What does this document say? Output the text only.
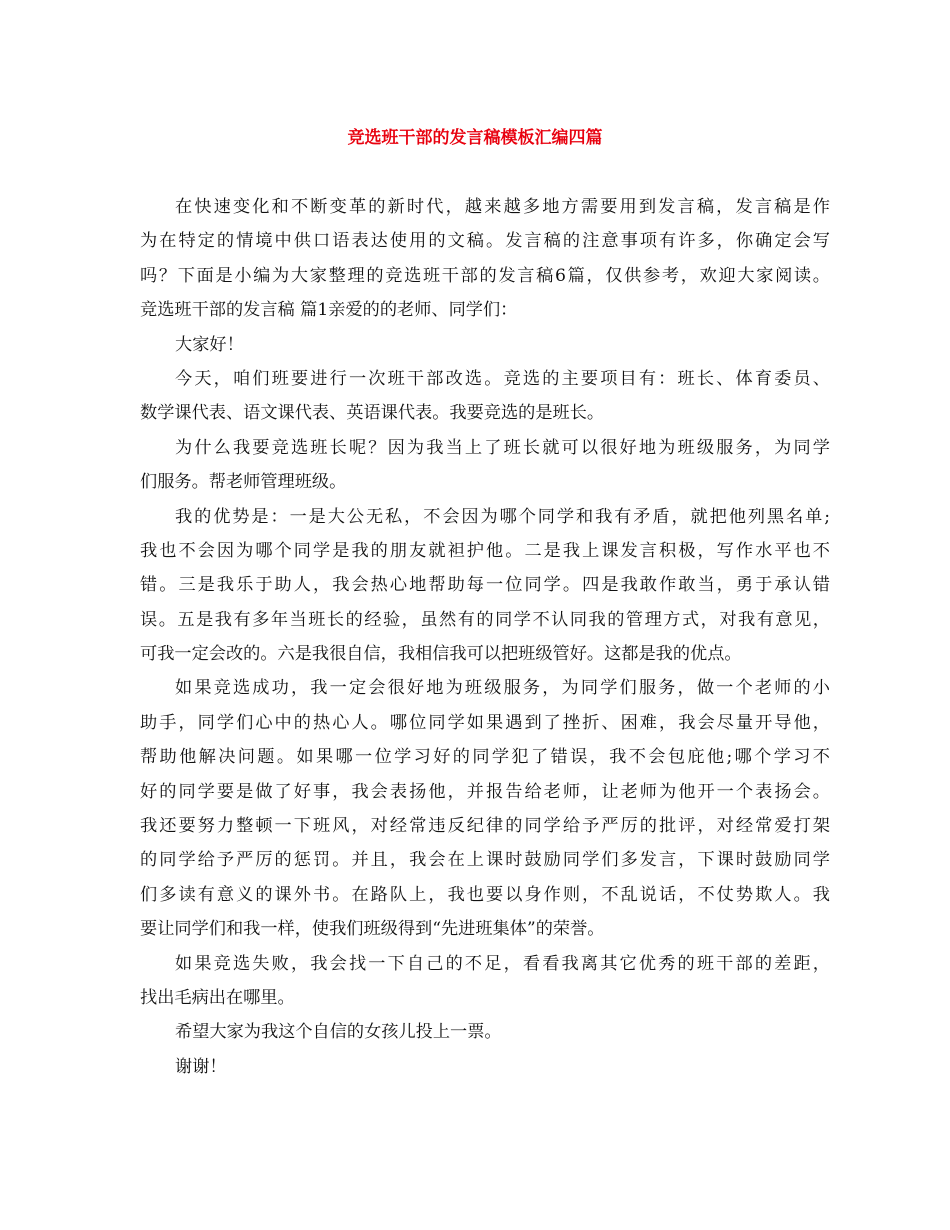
竞选班干部的发言稿模板汇编四篇
在快速变化和不断变革的新时代，越来越多地方需要用到发言稿，发言稿是作
为在特定的情境中供口语表达使用的文稿。发言稿的注意事项有许多，你确定会写
吗？下面是小编为大家整理的竞选班干部的发言稿6篇，仅供参考，欢迎大家阅读。
竞选班干部的发言稿 篇1亲爱的的老师、同学们：
大家好！
今天，咱们班要进行一次班干部改选。竞选的主要项目有：班长、体育委员、
数学课代表、语文课代表、英语课代表。我要竞选的是班长。
为什么我要竞选班长呢？因为我当上了班长就可以很好地为班级服务，为同学
们服务。帮老师管理班级。
我的优势是：一是大公无私，不会因为哪个同学和我有矛盾，就把他列黑名单;
我也不会因为哪个同学是我的朋友就袒护他。二是我上课发言积极，写作水平也不
错。三是我乐于助人，我会热心地帮助每一位同学。四是我敢作敢当，勇于承认错
误。五是我有多年当班长的经验，虽然有的同学不认同我的管理方式，对我有意见，
可我一定会改的。六是我很自信，我相信我可以把班级管好。这都是我的优点。
如果竞选成功，我一定会很好地为班级服务，为同学们服务，做一个老师的小
助手，同学们心中的热心人。哪位同学如果遇到了挫折、困难，我会尽量开导他，
帮助他解决问题。如果哪一位学习好的同学犯了错误，我不会包庇他;哪个学习不
好的同学要是做了好事，我会表扬他，并报告给老师，让老师为他开一个表扬会。
我还要努力整顿一下班风，对经常违反纪律的同学给予严厉的批评，对经常爱打架
的同学给予严厉的惩罚。并且，我会在上课时鼓励同学们多发言，下课时鼓励同学
们多读有意义的课外书。在路队上，我也要以身作则，不乱说话，不仗势欺人。我
要让同学们和我一样，使我们班级得到“先进班集体”的荣誉。
如果竞选失败，我会找一下自己的不足，看看我离其它优秀的班干部的差距，
找出毛病出在哪里。
希望大家为我这个自信的女孩儿投上一票。
谢谢！
